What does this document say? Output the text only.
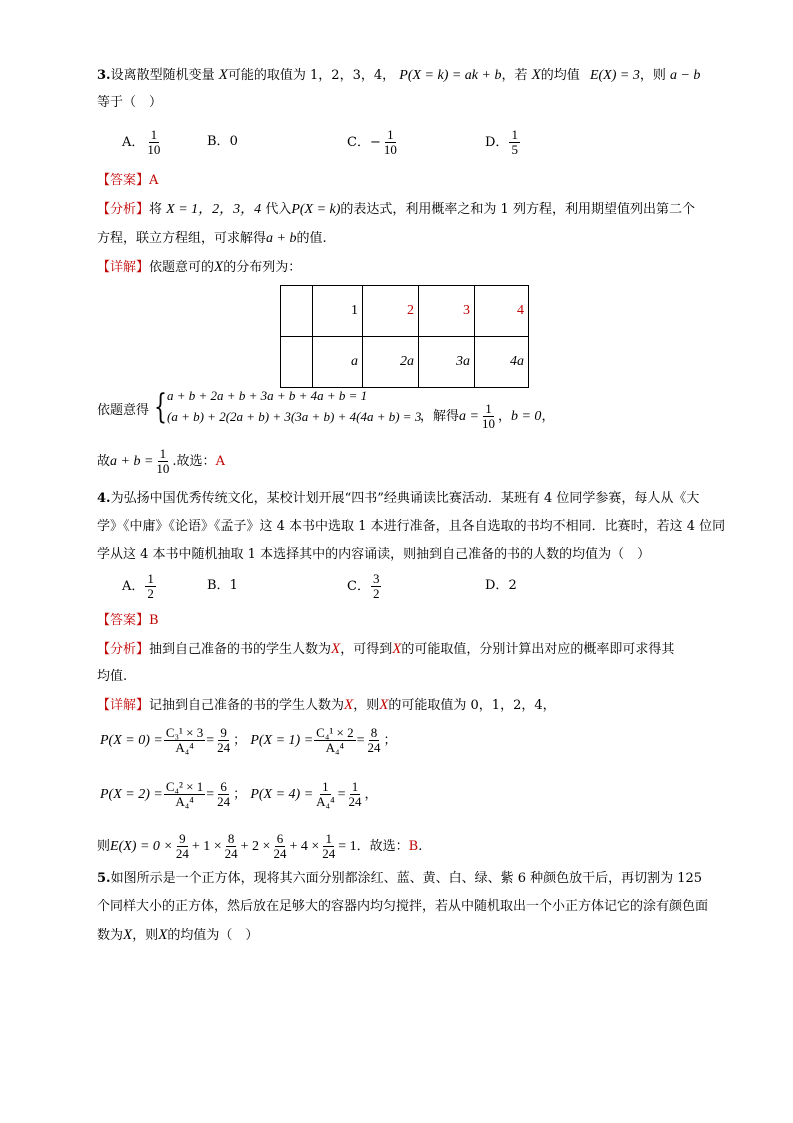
3.设离散型随机变量 X可能的取值为 1，2，3，4， P(X = k) = ak + b，若 X的均值 E(X) = 3，则 a − b
等于（　）
A． $\frac{1}{10}$	B．0	C．− $\frac{1}{10}$	D． $\frac{1}{5}$
【答案】A
【分析】将 X = 1，2，3，4 代入P(X = k)的表达式，利用概率之和为 1 列方程，利用期望值列出第二个
方程，联立方程组，可求解得a + b的值.
【详解】依题意可的X的分布列为：
	1	2	3	4
	a	2a	3a	4a
依题意得 { a + b + 2a + b + 3a + b + 4a + b = 1
(a + b) + 2(2a + b) + 3(3a + b) + 4(4a + b) = 3
，解得$a = \frac{1}{10}$ ，b = 0，
故$a + b = \frac{1}{10}$ .故选：A
4.为弘扬中国优秀传统文化，某校计划开展“四书”经典诵读比赛活动．某班有 4 位同学参赛，每人从《大
学》《中庸》《论语》《孟子》这 4 本书中选取 1 本进行准备，且各自选取的书均不相同．比赛时，若这 4 位同
学从这 4 本书中随机抽取 1 本选择其中的内容诵读，则抽到自己准备的书的人数的均值为（　）
A． $\frac{1}{2}$	B．1	C． $\frac{3}{2}$	D．2
【答案】B
【分析】抽到自己准备的书的学生人数为X，可得到X的可能取值，分别计算出对应的概率即可求得其
均值.
【详解】记抽到自己准备的书的学生人数为X，则X的可能取值为 0，1，2，4，
$P(X = 0) = \frac{\text{C₃¹ × 3}}{\text{A₄⁴}} = \frac{9}{24}$ ； $P(X = 1) = \frac{\text{C₄¹ × 2}}{\text{A₄⁴}} = \frac{8}{24}$ ；
$P(X = 2) = \frac{\text{C₄² × 1}}{\text{A₄⁴}} = \frac{6}{24}$ ； $P(X = 4) = \frac{1}{\text{A₄⁴}} = \frac{1}{24}$ ，
则$E(X) = 0 \times \frac{9}{24} + 1 \times \frac{8}{24} + 2 \times \frac{6}{24} + 4 \times \frac{1}{24} = 1$．故选：B.
5.如图所示是一个正方体，现将其六面分别都涂红、蓝、黄、白、绿、紫 6 种颜色放干后，再切割为 125
个同样大小的正方体，然后放在足够大的容器内均匀搅拌，若从中随机取出一个小正方体记它的涂有颜色面
数为X，则X的均值为（　）
